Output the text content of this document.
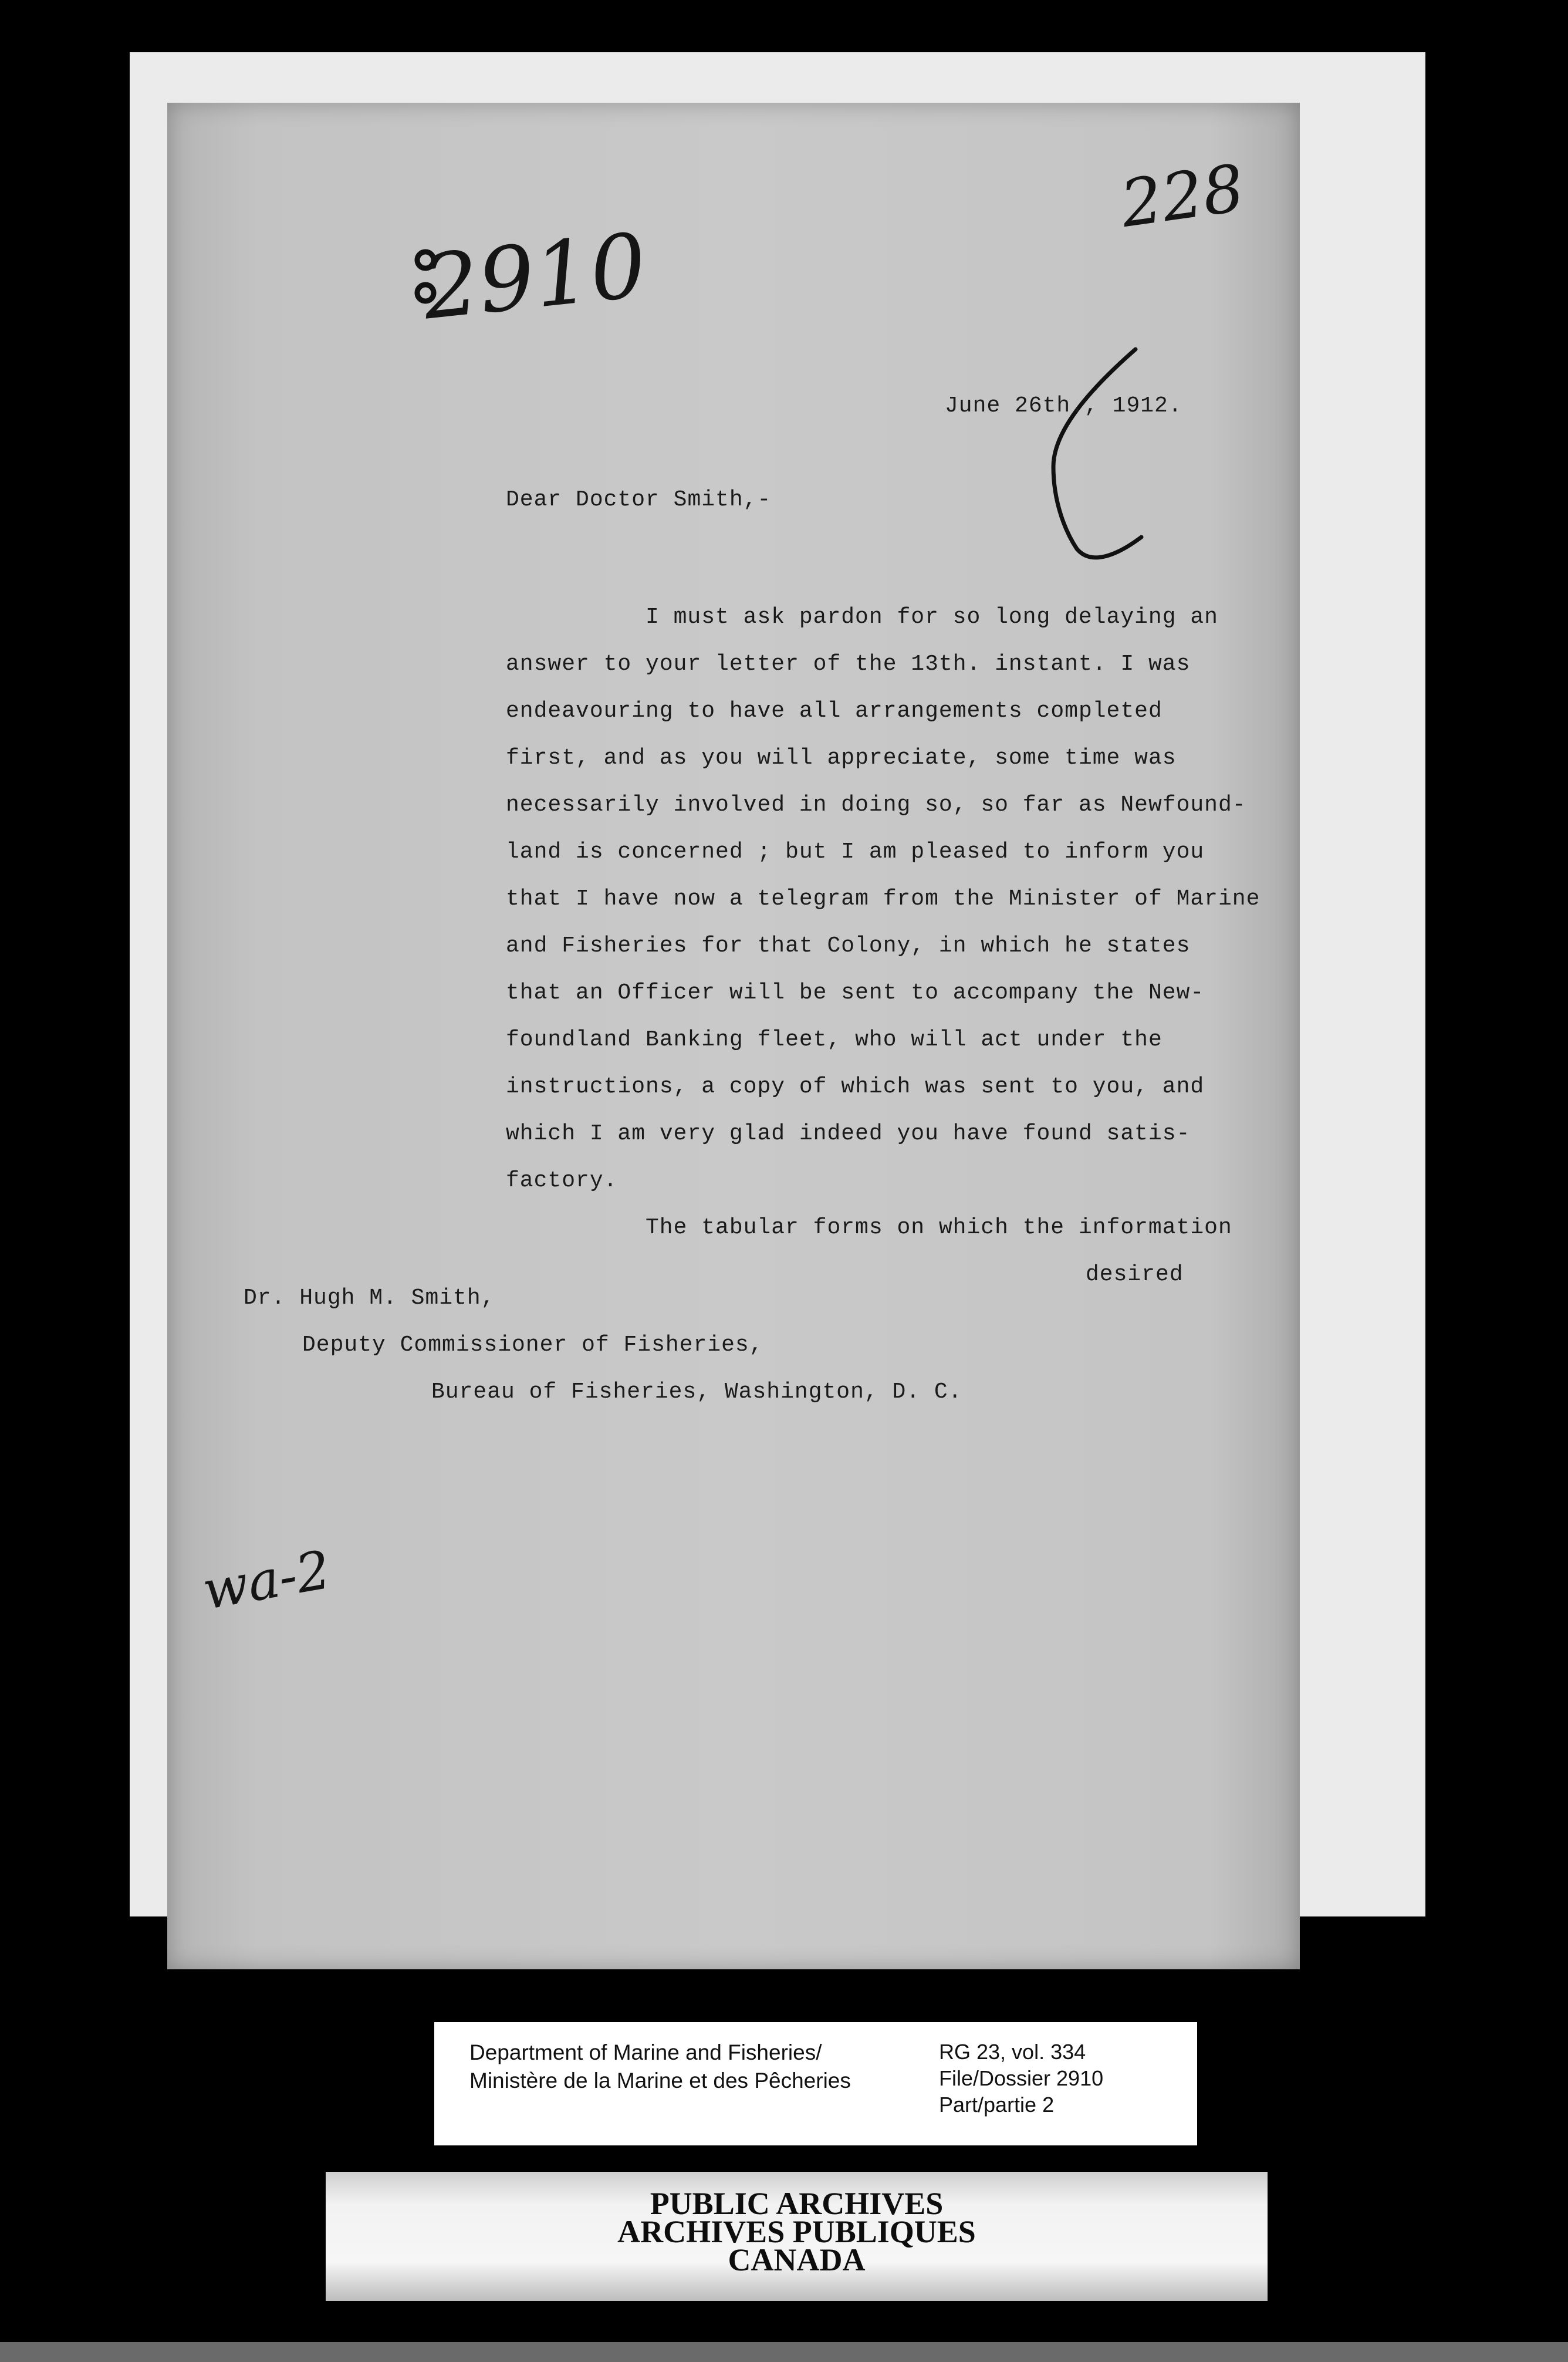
2910
228
wa-2
June 26th., 1912.
Dear Doctor Smith,-
I must ask pardon for so long delaying an
answer to your letter of the 13th. instant. I was
endeavouring to have all arrangements completed
first, and as you will appreciate, some time was
necessarily involved in doing so, so far as Newfound-
land is concerned ; but I am pleased to inform you
that I have now a telegram from the Minister of Marine
and Fisheries for that Colony, in which he states
that an Officer will be sent to accompany the New-
foundland Banking fleet, who will act under the
instructions, a copy of which was sent to you, and
which I am very glad indeed you have found satis-
factory.
The tabular forms on which the information
desired
Dr. Hugh M. Smith,
Deputy Commissioner of Fisheries,
Bureau of Fisheries, Washington, D. C.
Department of Marine and Fisheries/
Ministère de la Marine et des Pêcheries
RG 23, vol. 334
File/Dossier 2910
Part/partie 2
PUBLIC ARCHIVES
ARCHIVES PUBLIQUES
CANADA
